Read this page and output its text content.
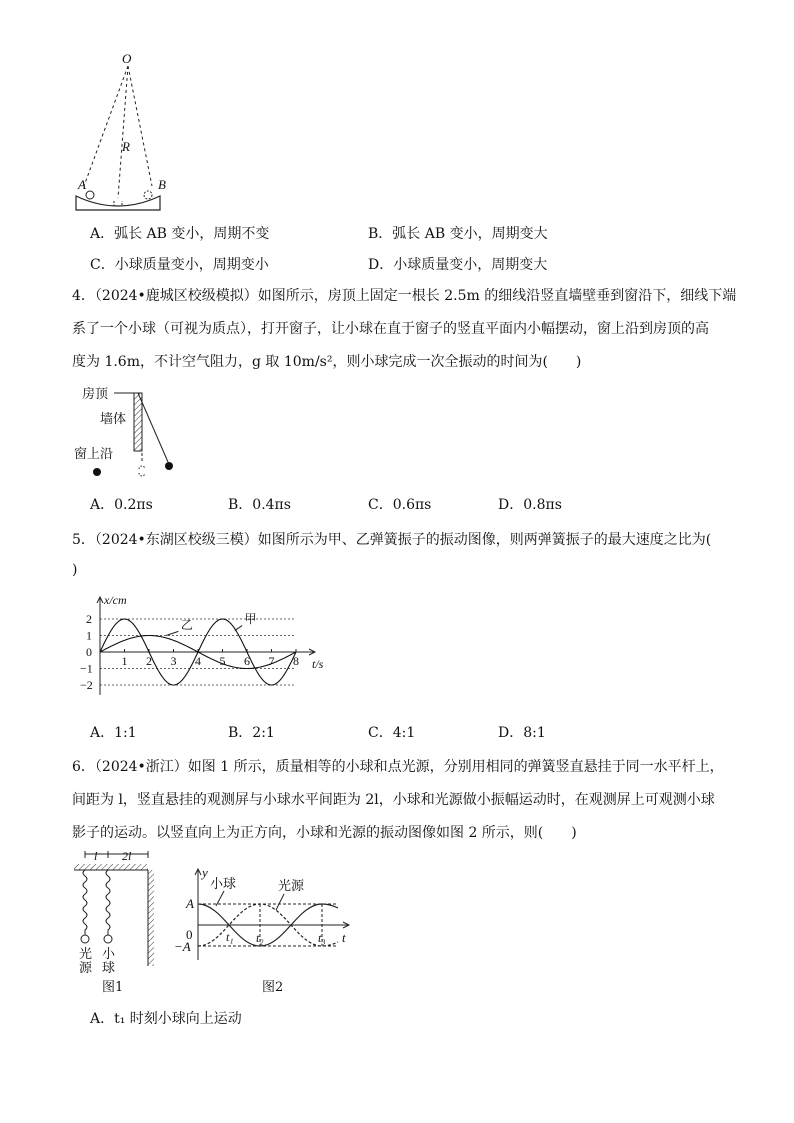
O
R
A	B
A．弧长 AB 变小，周期不变	B．弧长 AB 变小，周期变大
C．小球质量变小，周期变小	D．小球质量变小，周期变大
4．（2024•鹿城区校级模拟）如图所示，房顶上固定一根长 2.5m 的细线沿竖直墙壁垂到窗沿下，细线下端
系了一个小球（可视为质点），打开窗子，让小球在直于窗子的竖直平面内小幅摆动，窗上沿到房顶的高
度为 1.6m，不计空气阻力，g 取 10m/s²，则小球完成一次全振动的时间为(　　)
房顶
墙体
窗上沿
A．0.2πs	B．0.4πs	C．0.6πs	D．0.8πs
5．（2024•东湖区校级三模）如图所示为甲、乙弹簧振子的振动图像，则两弹簧振子的最大速度之比为(
)
1 2 3 4 5 6 7 8
2
1
0
−1
−2
t/s
x/cm
甲
乙
A．1:1	B．2:1	C．4:1	D．8:1
6．（2024•浙江）如图 1 所示，质量相等的小球和点光源，分别用相同的弹簧竖直悬挂于同一水平杆上，
间距为 l，竖直悬挂的观测屏与小球水平间距为 2l，小球和光源做小振幅运动时，在观测屏上可观测小球
影子的运动。以竖直向上为正方向，小球和光源的振动图像如图 2 所示，则(　　)
l 2l
光
源
小
球
图1
y
t
A
0
−A
小球	光源
t₁ t₂	t₃
图2
A．t₁ 时刻小球向上运动
